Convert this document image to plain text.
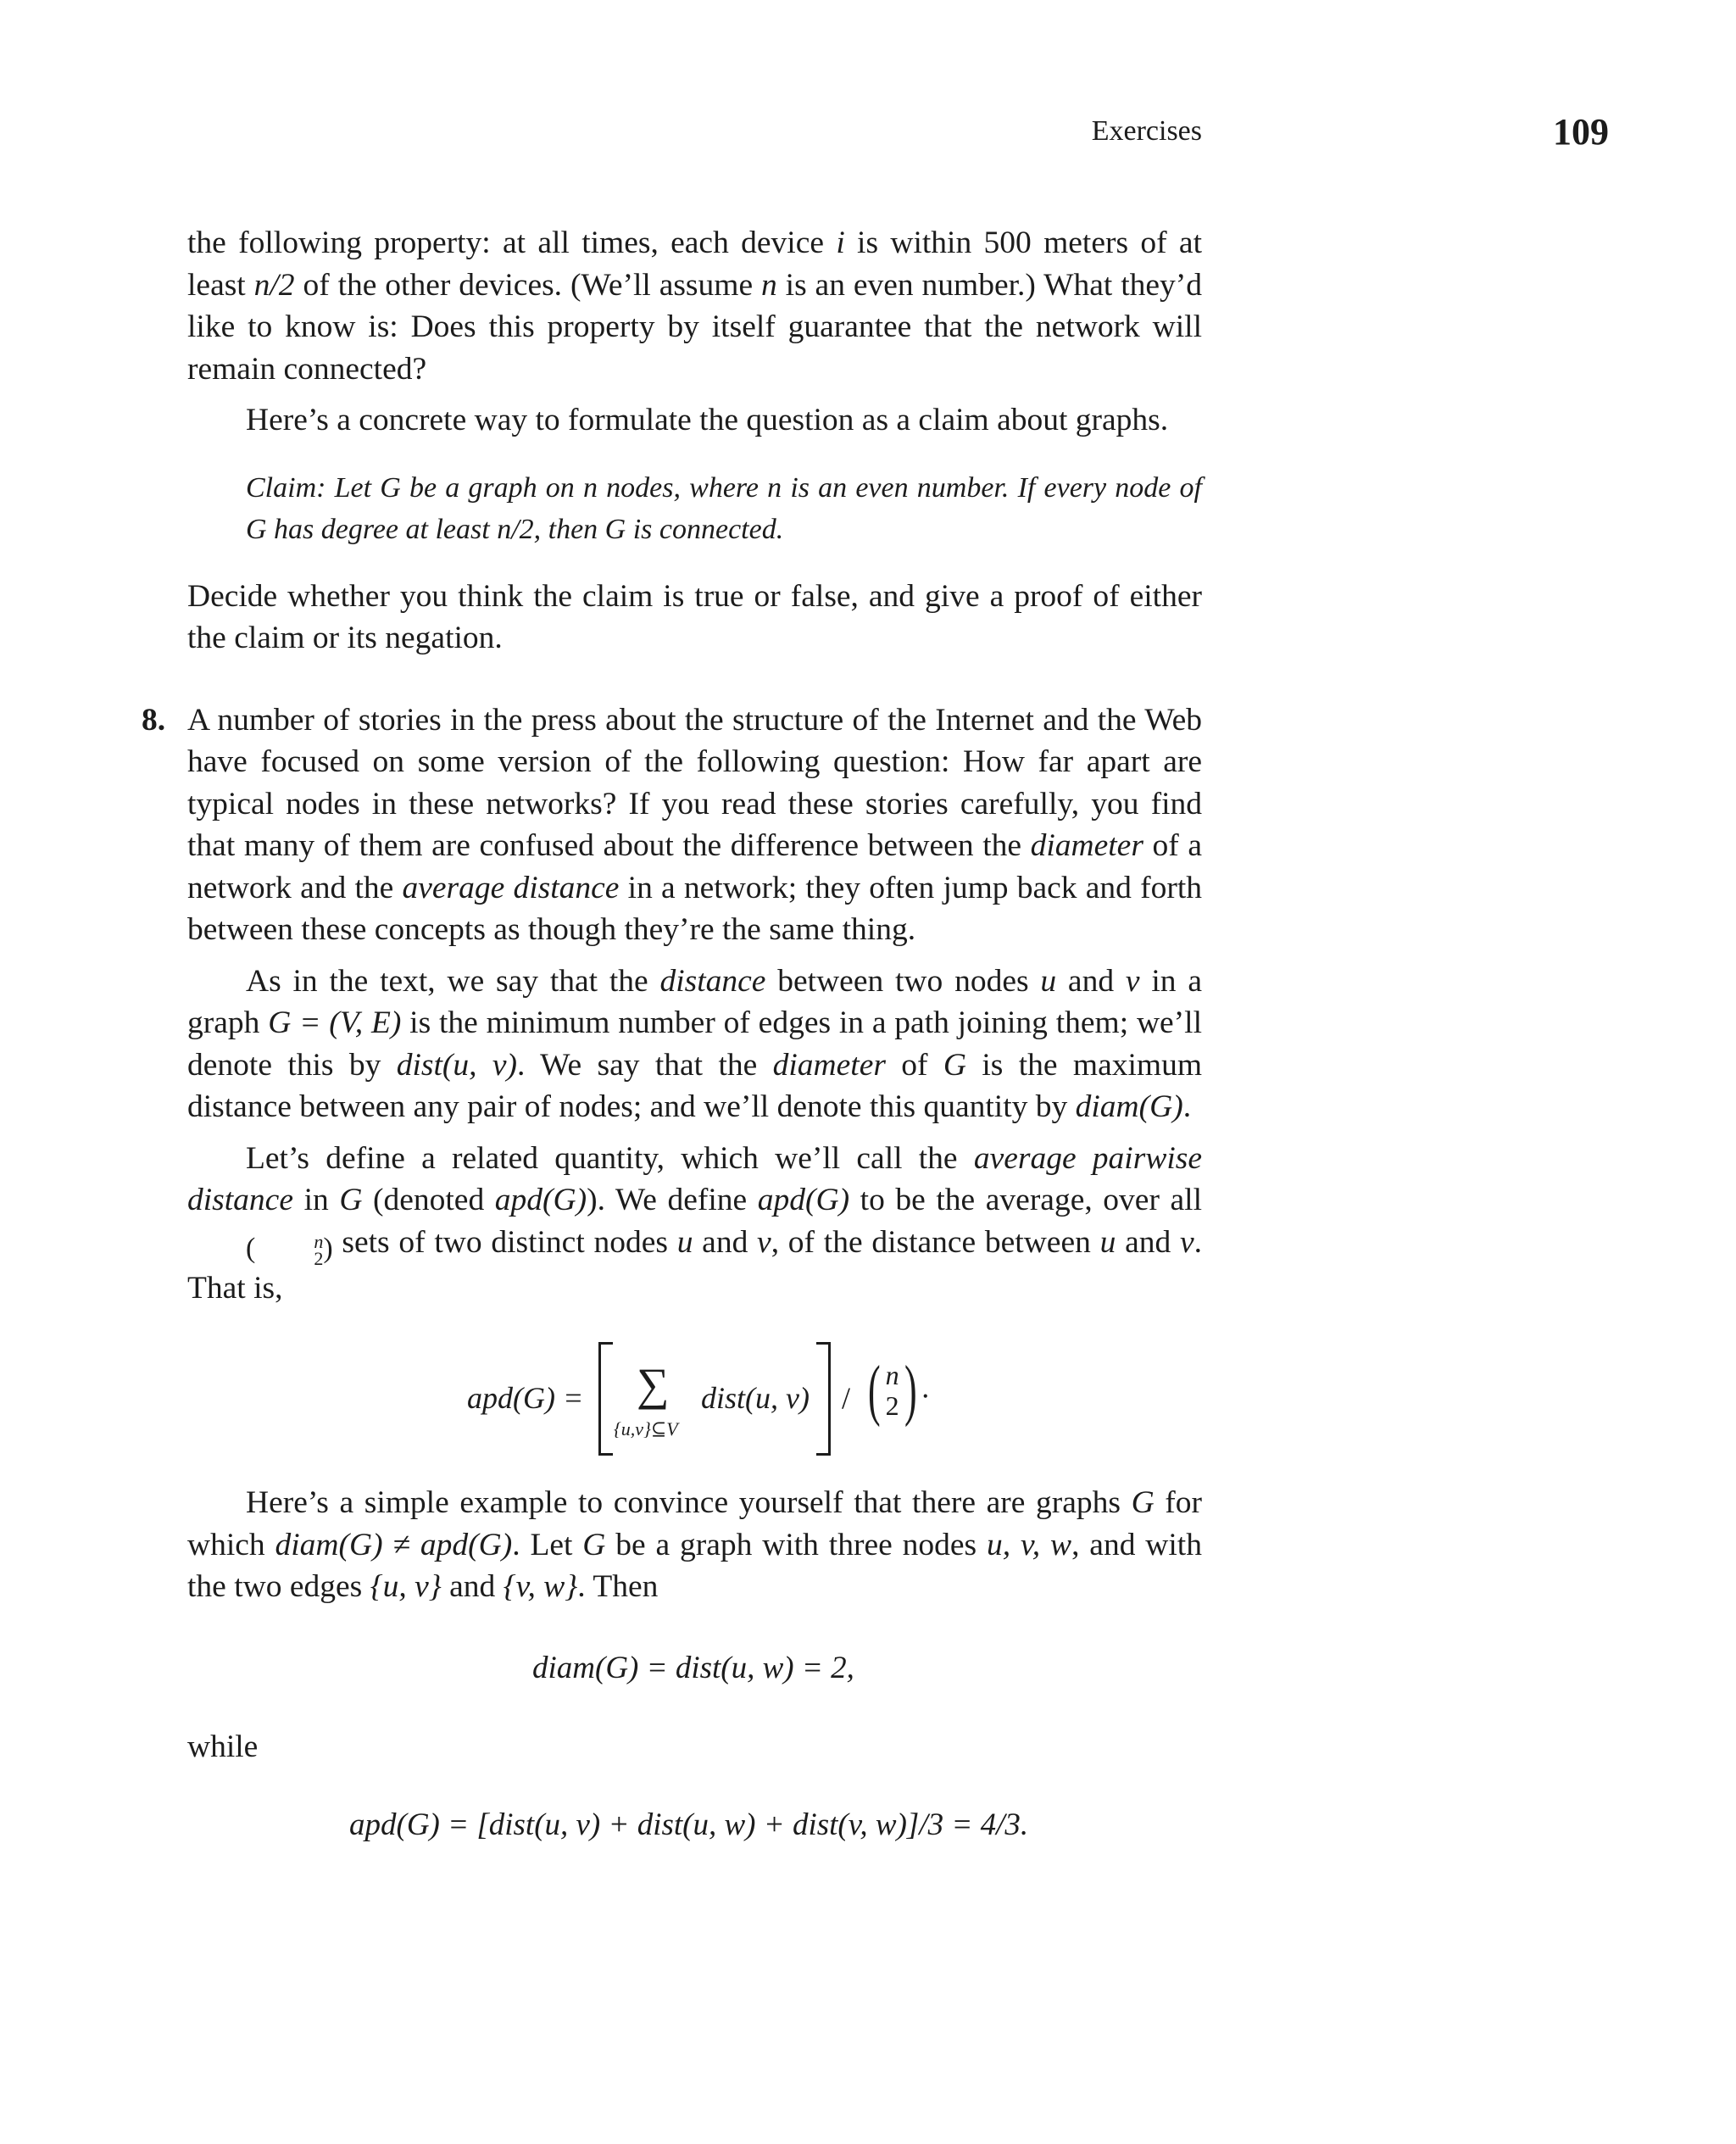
Exercises	109

the following property: at all times, each device i is within 500 meters of at least n/2 of the other devices. (We’ll assume n is an even number.) What they’d like to know is: Does this property by itself guarantee that the network will remain connected?

Here’s a concrete way to formulate the question as a claim about graphs.

Claim: Let G be a graph on n nodes, where n is an even number. If every node of G has degree at least n/2, then G is connected.

Decide whether you think the claim is true or false, and give a proof of either the claim or its negation.

8. A number of stories in the press about the structure of the Internet and the Web have focused on some version of the following question: How far apart are typical nodes in these networks? If you read these stories carefully, you find that many of them are confused about the difference between the diameter of a network and the average distance in a network; they often jump back and forth between these concepts as though they’re the same thing.

As in the text, we say that the distance between two nodes u and v in a graph G = (V, E) is the minimum number of edges in a path joining them; we’ll denote this by dist(u, v). We say that the diameter of G is the maximum distance between any pair of nodes; and we’ll denote this quantity by diam(G).

Let’s define a related quantity, which we’ll call the average pairwise distance in G (denoted apd(G)). We define apd(G) to be the average, over all (	n
2 ) sets of two distinct nodes u and v, of the distance between u and v. That is,

apd(G) = ∑
{u,v}⊆V
dist(u, v) / ( n
2 ) .

Here’s a simple example to convince yourself that there are graphs G for which diam(G) ≠ apd(G). Let G be a graph with three nodes u, v, w, and with the two edges {u, v} and {v, w}. Then

diam(G) = dist(u, w) = 2,

while

apd(G) = [dist(u, v) + dist(u, w) + dist(v, w)]/3 = 4/3.
